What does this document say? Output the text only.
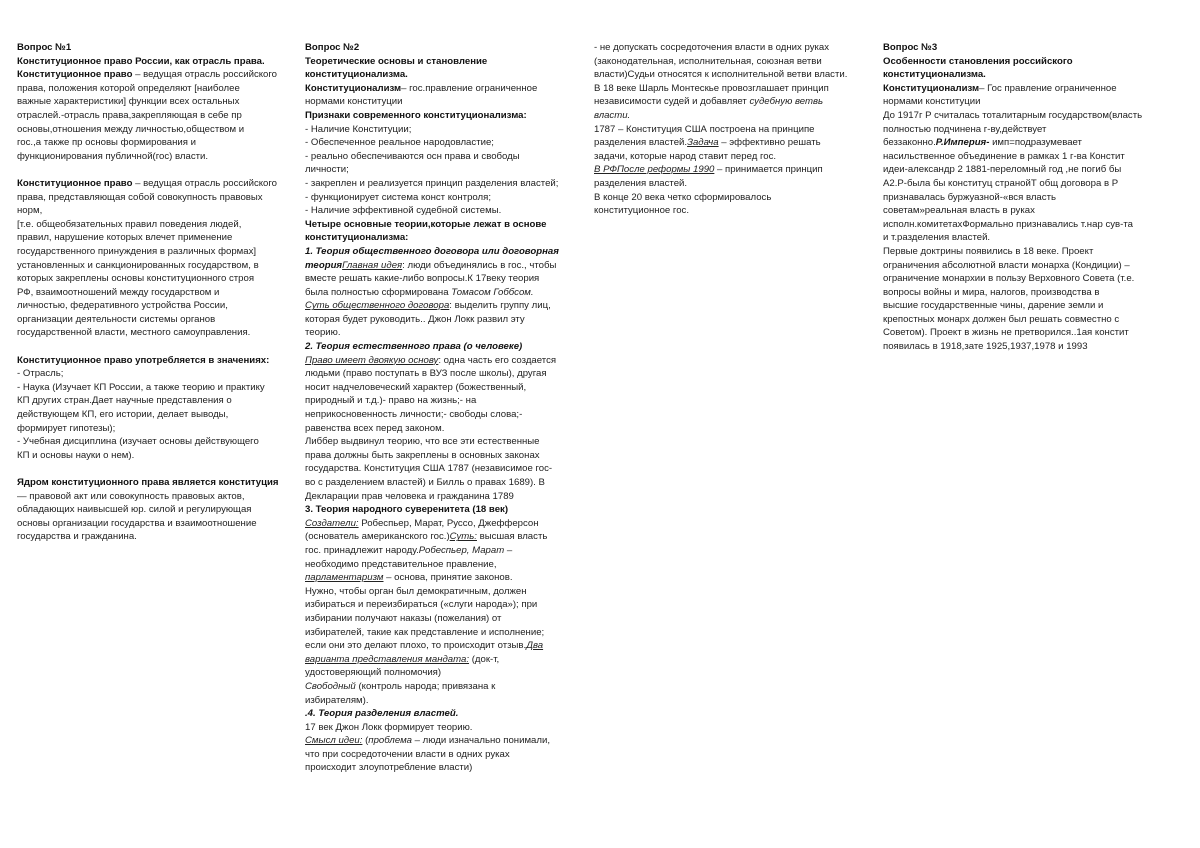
Вопрос №1
Конституционное право России, как отрасль права.
Конституционное право – ведущая отрасль российского
права, положения которой определяют [наиболее
важные характеристики] функции всех остальных
отраслей.-отрасль права,закрепляющая в себе пр
основы,отношения между личностью,обществом и
гос.,а также пр основы формирования и
функционирования публичной(гос) власти.
Конституционное право – ведущая отрасль российского
права, представляющая собой совокупность правовых
норм,
[т.е. общеобязательных правил поведения людей,
правил, нарушение которых влечет применение
государственного принуждения в различных формах]
установленных и санкционированных государством, в
которых закреплены основы конституционного строя
РФ, взаимоотношений между государством и
личностью, федеративного устройства России,
организации деятельности системы органов
государственной власти, местного самоуправления.
Конституционное право употребляется в значениях:
- Отрасль;
- Наука (Изучает КП России, а также теорию и практику
КП других стран.Дает научные представления о
действующем КП, его истории, делает выводы,
формирует гипотезы);
- Учебная дисциплина (изучает основы действующего
КП и основы науки о нем).
Ядром конституционного права является конституция
— правовой акт или совокупность правовых актов,
обладающих наивысшей юр. силой и регулирующая
основы организации государства и взаимоотношение
государства и гражданина.
Вопрос №2
Теоретические основы и становление
конституционализма.
Конституционализм– гос.правление ограниченное
нормами конституции
Признаки современного конституционализма:
- Наличие Конституции;
- Обеспеченное реальное народовластие;
- реально обеспечиваются осн права и свободы
личности;
- закреплен и реализуется принцип разделения властей;
- функционирует система конст контроля;
- Наличие эффективной судебной системы.
Четыре основные теории,которые лежат в основе
конституционализма:
1. Теория общественного договора или договорная
теорияГлавная идея: люди объединялись в гос., чтобы
вместе решать какие-либо вопросы.К 17веку теория
была полностью сформирована Томасом Гоббсом.
Суть общественного договора: выделить группу лиц,
которая будет руководить.. Джон Локк развил эту
теорию.
2. Теория естественного права (о человеке)
Право имеет двоякую основу: одна часть его создается
людьми (право поступать в ВУЗ после школы), другая
носит надчеловеческий характер (божественный,
природный и т.д.)- право на жизнь;- на
неприкосновенность личности;- свободы слова;-
равенства всех перед законом.
Либбер выдвинул теорию, что все эти естественные
права должны быть закреплены в основных законах
государства. Конституция США 1787 (независимое гос-
во с разделением властей) и Билль о правах 1689). В
Декларации прав человека и гражданина 1789
3. Теория народного суверенитета (18 век)
Создатели: Робеспьер, Марат, Руссо, Джефферсон
(основатель американского гос.)Суть: высшая власть
гос. принадлежит народу.Робеспьер, Марат –
необходимо представительное правление,
парламентаризм – основа, принятие законов.
Нужно, чтобы орган был демократичным, должен
избираться и переизбираться («слуги народа»); при
избирании получают наказы (пожелания) от
избирателей, такие как представление и исполнение;
если они это делают плохо, то происходит отзыв.Два
варианта представления мандата: (док-т,
удостоверяющий полномочия)
Свободный (контроль народа; привязана к
избирателям).
.4. Теория разделения властей.
17 век Джон Локк формирует теорию.
Смысл идеи: (проблема – люди изначально понимали,
что при сосредоточении власти в одних руках
происходит злоупотребление власти)
- не допускать сосредоточения власти в одних руках
(законодательная, исполнительная, союзная ветви
власти)Судьи относятся к исполнительной ветви власти.
В 18 веке Шарль Монтескье провозглашает принцип
независимости судей и добавляет судебную ветвь
власти.
1787 – Конституция США построена на принципе
разделения властей.Задача – эффективно решать
задачи, которые народ ставит перед гос.
В РФПосле реформы 1990 – принимается принцип
разделения властей.
В конце 20 века четко сформировалось
конституционное гос.
Вопрос №3
Особенности становления российского
конституционализма.
Конституционализм– Гос правление ограниченное
нормами конституции
До 1917г Р считалась тоталитарным государством(власть
полностью подчинена г-ву,действует
беззаконно.Р.Империя- имп=подразумевает
насильственное объединение в рамках 1 г-ва Констит
идеи-александр 2 1881-переломный год ,не погиб бы
А2.Р-была бы конституц странойТ общ договора в Р
признавалась буржуазной-«вся власть
советам»реальная власть в руках
исполн.комитетахФормально признавались т.нар сув-та
и т.разделения властей.
Первые доктрины появились в 18 веке. Проект
ограничения абсолютной власти монарха (Кондиции) –
ограничение монархии в пользу Верховного Совета (т.е.
вопросы войны и мира, налогов, производства в
высшие государственные чины, дарение земли и
крепостных монарх должен был решать совместно с
Советом). Проект в жизнь не претворился..1ая констит
появилась в 1918,зате 1925,1937,1978 и 1993
